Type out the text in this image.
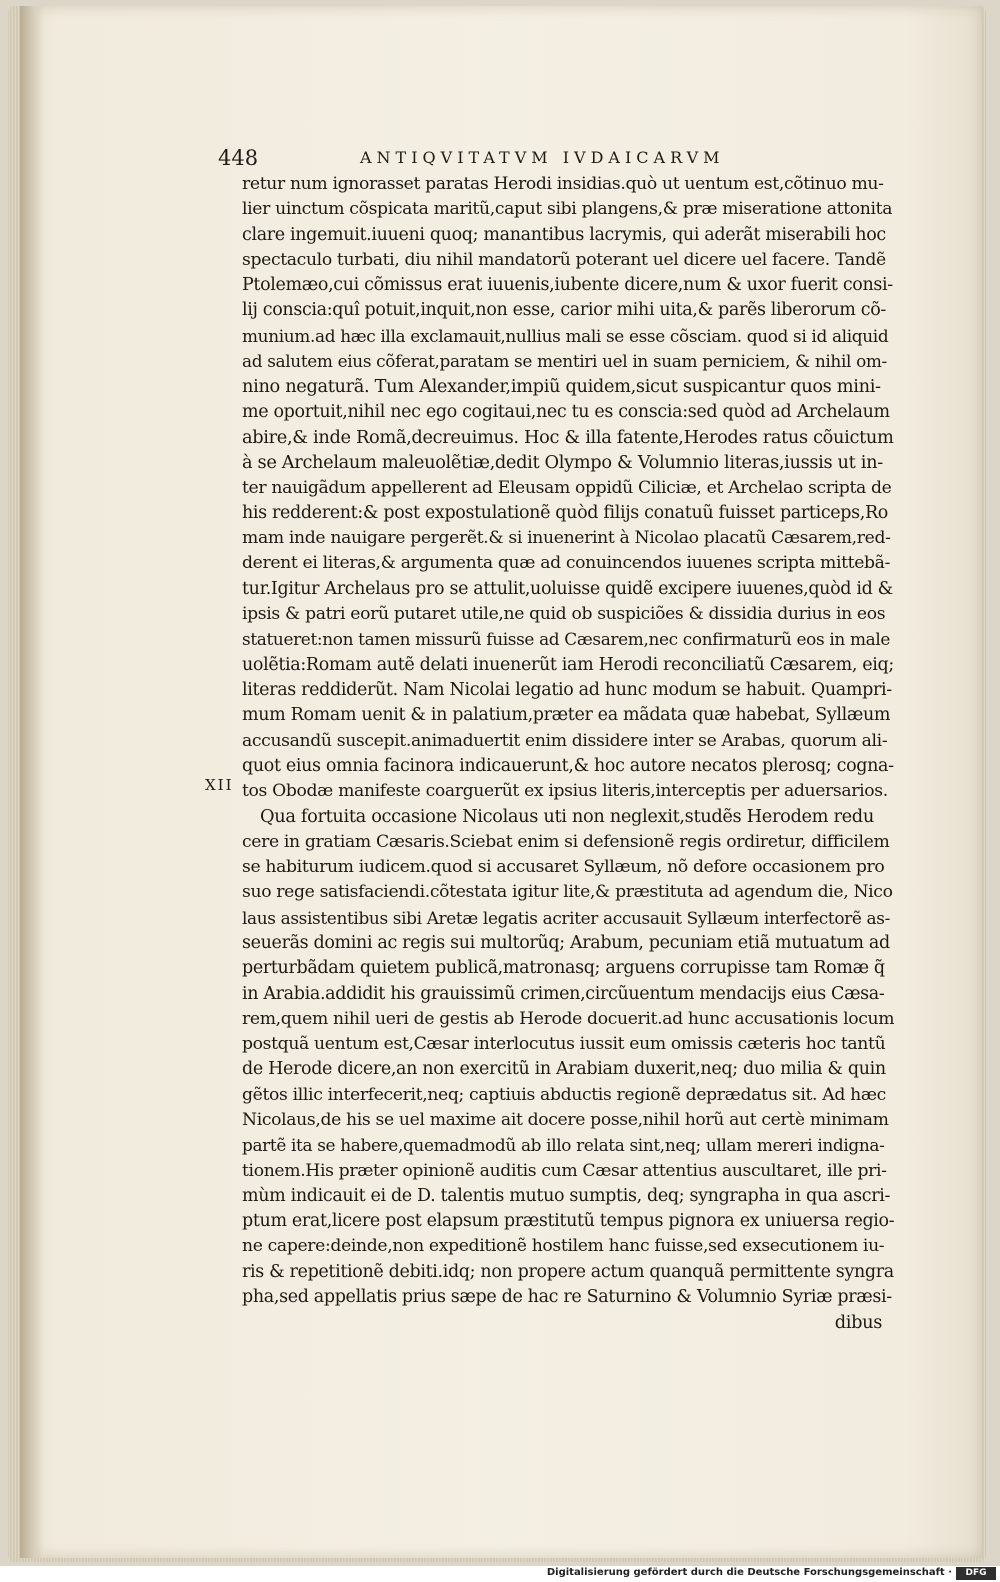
448	ANTIQVITATVM IVDAICARVM
XII
retur num ignorasset paratas Herodi insidias.quò ut uentum est,cõtinuo mu-
lier uinctum cõspicata maritũ,caput sibi plangens,& præ miseratione attonita
clare ingemuit.iuueni quoq; manantibus lacrymis, qui aderãt miserabili hoc
spectaculo turbati, diu nihil mandatorũ poterant uel dicere uel facere. Tandẽ
Ptolemæo,cui cõmissus erat iuuenis,iubente dicere,num & uxor fuerit consi-
lij conscia:quî potuit,inquit,non esse, carior mihi uita,& parẽs liberorum cõ-
munium.ad hæc illa exclamauit,nullius mali se esse cõsciam. quod si id aliquid
ad salutem eius cõferat,paratam se mentiri uel in suam perniciem, & nihil om-
nino negaturã. Tum Alexander,impiũ quidem,sicut suspicantur quos mini-
me oportuit,nihil nec ego cogitaui,nec tu es conscia:sed quòd ad Archelaum
abire,& inde Romã,decreuimus. Hoc & illa fatente,Herodes ratus cõuictum
à se Archelaum maleuolẽtiæ,dedit Olympo & Volumnio literas,iussis ut in-
ter nauigãdum appellerent ad Eleusam oppidũ Ciliciæ, et Archelao scripta de
his redderent:& post expostulationẽ quòd filijs conatuũ fuisset particeps,Ro
mam inde nauigare pergerẽt.& si inuenerint à Nicolao placatũ Cæsarem,red-
derent ei literas,& argumenta quæ ad conuincendos iuuenes scripta mittebã-
tur.Igitur Archelaus pro se attulit,uoluisse quidẽ excipere iuuenes,quòd id &
ipsis & patri eorũ putaret utile,ne quid ob suspiciões & dissidia durius in eos
statueret:non tamen missurũ fuisse ad Cæsarem,nec confirmaturũ eos in male
uolẽtia:Romam autẽ delati inuenerũt iam Herodi reconciliatũ Cæsarem, eiq;
literas reddiderũt. Nam Nicolai legatio ad hunc modum se habuit. Quampri-
mum Romam uenit & in palatium,præter ea mãdata quæ habebat, Syllæum
accusandũ suscepit.animaduertit enim dissidere inter se Arabas, quorum ali-
quot eius omnia facinora indicauerunt,& hoc autore necatos plerosq; cogna-
tos Obodæ manifeste coarguerũt ex ipsius literis,interceptis per aduersarios.
Qua fortuita occasione Nicolaus uti non neglexit,studẽs Herodem redu
cere in gratiam Cæsaris.Sciebat enim si defensionẽ regis ordiretur, difficilem
se habiturum iudicem.quod si accusaret Syllæum, nõ defore occasionem pro
suo rege satisfaciendi.cõtestata igitur lite,& præstituta ad agendum die, Nico
laus assistentibus sibi Aretæ legatis acriter accusauit Syllæum interfectorẽ as-
seuerãs domini ac regis sui multorũq; Arabum, pecuniam etiã mutuatum ad
perturbãdam quietem publicã,matronasq; arguens corrupisse tam Romæ q̃
in Arabia.addidit his grauissimũ crimen,circũuentum mendacijs eius Cæsa-
rem,quem nihil ueri de gestis ab Herode docuerit.ad hunc accusationis locum
postquã uentum est,Cæsar interlocutus iussit eum omissis cæteris hoc tantũ
de Herode dicere,an non exercitũ in Arabiam duxerit,neq; duo milia & quin
gẽtos illic interfecerit,neq; captiuis abductis regionẽ deprædatus sit. Ad hæc
Nicolaus,de his se uel maxime ait docere posse,nihil horũ aut certè minimam
partẽ ita se habere,quemadmodũ ab illo relata sint,neq; ullam mereri indigna-
tionem.His præter opinionẽ auditis cum Cæsar attentius auscultaret, ille pri-
mùm indicauit ei de D. talentis mutuo sumptis, deq; syngrapha in qua ascri-
ptum erat,licere post elapsum præstitutũ tempus pignora ex uniuersa regio-
ne capere:deinde,non expeditionẽ hostilem hanc fuisse,sed exsecutionem iu-
ris & repetitionẽ debiti.idq; non propere actum quanquã permittente syngra
pha,sed appellatis prius sæpe de hac re Saturnino & Volumnio Syriæ præsi-
dibus
Digitalisierung gefördert durch die Deutsche Forschungsgemeinschaft ·	DFG
